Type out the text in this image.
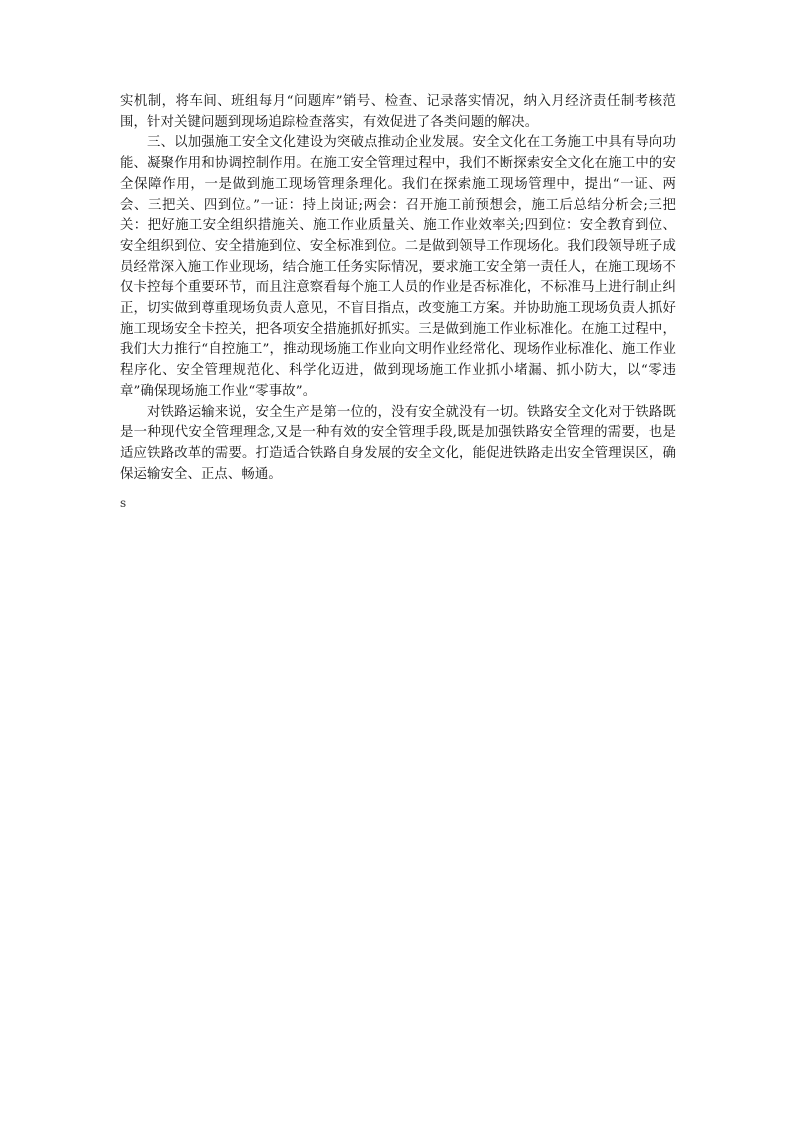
实机制，将车间、班组每月“问题库”销号、检查、记录落实情况，纳入月经济责任制考核范围，针对关键问题到现场追踪检查落实，有效促进了各类问题的解决。

三、以加强施工安全文化建设为突破点推动企业发展。安全文化在工务施工中具有导向功能、凝聚作用和协调控制作用。在施工安全管理过程中，我们不断探索安全文化在施工中的安全保障作用，一是做到施工现场管理条理化。我们在探索施工现场管理中，提出“一证、两会、三把关、四到位。”一证：持上岗证;两会：召开施工前预想会，施工后总结分析会;三把关：把好施工安全组织措施关、施工作业质量关、施工作业效率关;四到位：安全教育到位、安全组织到位、安全措施到位、安全标准到位。二是做到领导工作现场化。我们段领导班子成员经常深入施工作业现场，结合施工任务实际情况，要求施工安全第一责任人，在施工现场不仅卡控每个重要环节，而且注意察看每个施工人员的作业是否标准化，不标准马上进行制止纠正，切实做到尊重现场负责人意见，不盲目指点，改变施工方案。并协助施工现场负责人抓好施工现场安全卡控关，把各项安全措施抓好抓实。三是做到施工作业标准化。在施工过程中，我们大力推行“自控施工”，推动现场施工作业向文明作业经常化、现场作业标准化、施工作业程序化、安全管理规范化、科学化迈进，做到现场施工作业抓小堵漏、抓小防大，以“零违章”确保现场施工作业“零事故”。

对铁路运输来说，安全生产是第一位的，没有安全就没有一切。铁路安全文化对于铁路既是一种现代安全管理理念,又是一种有效的安全管理手段,既是加强铁路安全管理的需要，也是适应铁路改革的需要。打造适合铁路自身发展的安全文化，能促进铁路走出安全管理误区，确保运输安全、正点、畅通。

s
